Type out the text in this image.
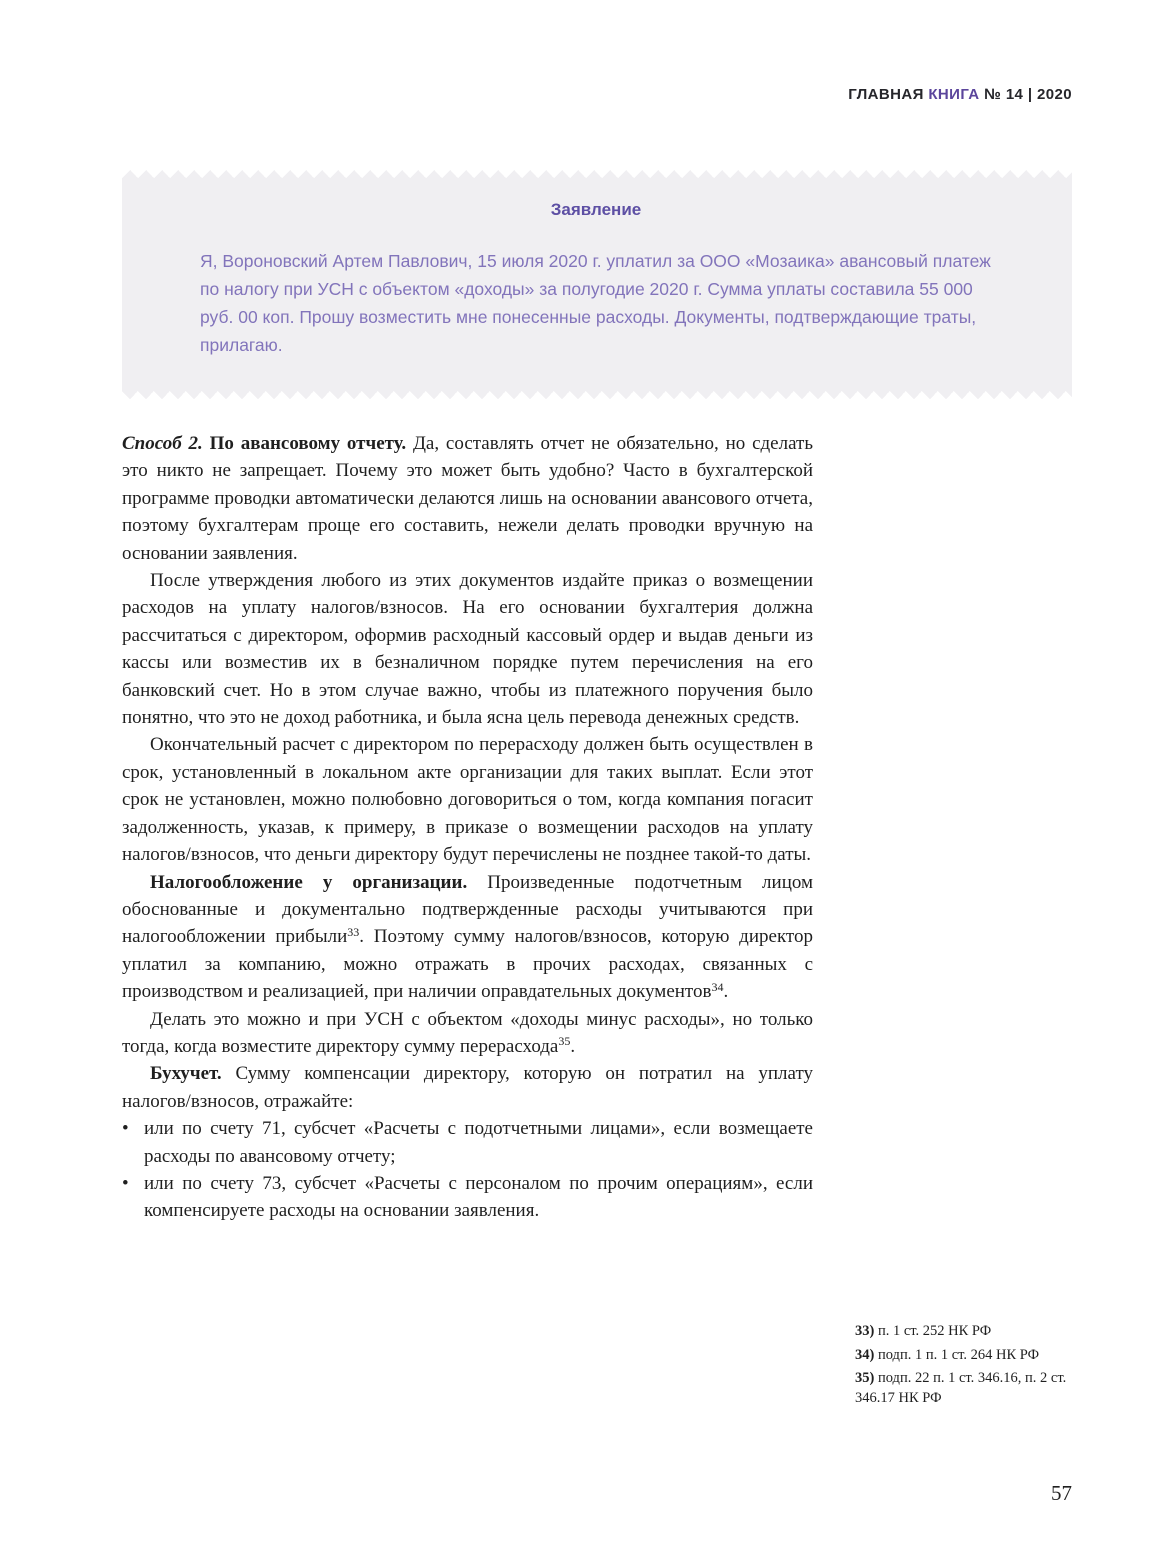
ГЛАВНАЯ КНИГА № 14 | 2020
Заявление

Я, Вороновский Артем Павлович, 15 июля 2020 г. уплатил за ООО «Мозаика» авансовый платеж по налогу при УСН с объектом «доходы» за полугодие 2020 г. Сумма уплаты составила 55 000 руб. 00 коп. Прошу возместить мне понесенные расходы. Документы, подтверждающие траты, прилагаю.

Способ 2. По авансовому отчету. Да, составлять отчет не обязательно, но сделать это никто не запрещает. Почему это может быть удобно? Часто в бухгалтерской программе проводки автоматически делаются лишь на основании авансового отчета, поэтому бухгалтерам проще его составить, нежели делать проводки вручную на основании заявления.

После утверждения любого из этих документов издайте приказ о возмещении расходов на уплату налогов/взносов. На его основании бухгалтерия должна рассчитаться с директором, оформив расходный кассовый ордер и выдав деньги из кассы или возместив их в безналичном порядке путем перечисления на его банковский счет. Но в этом случае важно, чтобы из платежного поручения было понятно, что это не доход работника, и была ясна цель перевода денежных средств.

Окончательный расчет с директором по перерасходу должен быть осуществлен в срок, установленный в локальном акте организации для таких выплат. Если этот срок не установлен, можно полюбовно договориться о том, когда компания погасит задолженность, указав, к примеру, в приказе о возмещении расходов на уплату налогов/взносов, что деньги директору будут перечислены не позднее такой-то даты.

Налогообложение у организации. Произведенные подотчетным лицом обоснованные и документально подтвержденные расходы учитываются при налогообложении прибыли$^{33}$. Поэтому сумму налогов/взносов, которую директор уплатил за компанию, можно отражать в прочих расходах, связанных с производством и реализацией, при наличии оправдательных документов$^{34}$.

Делать это можно и при УСН с объектом «доходы минус расходы», но только тогда, когда возместите директору сумму перерасхода$^{35}$.

Бухучет. Сумму компенсации директору, которую он потратил на уплату налогов/взносов, отражайте:

• или по счету 71, субсчет «Расчеты с подотчетными лицами», если возмещаете расходы по авансовому отчету;
• или по счету 73, субсчет «Расчеты с персоналом по прочим операциям», если компенсируете расходы на основании заявления.
33) п. 1 ст. 252 НК РФ
34) подп. 1 п. 1 ст. 264 НК РФ
35) подп. 22 п. 1 ст. 346.16, п. 2 ст. 346.17 НК РФ
57
